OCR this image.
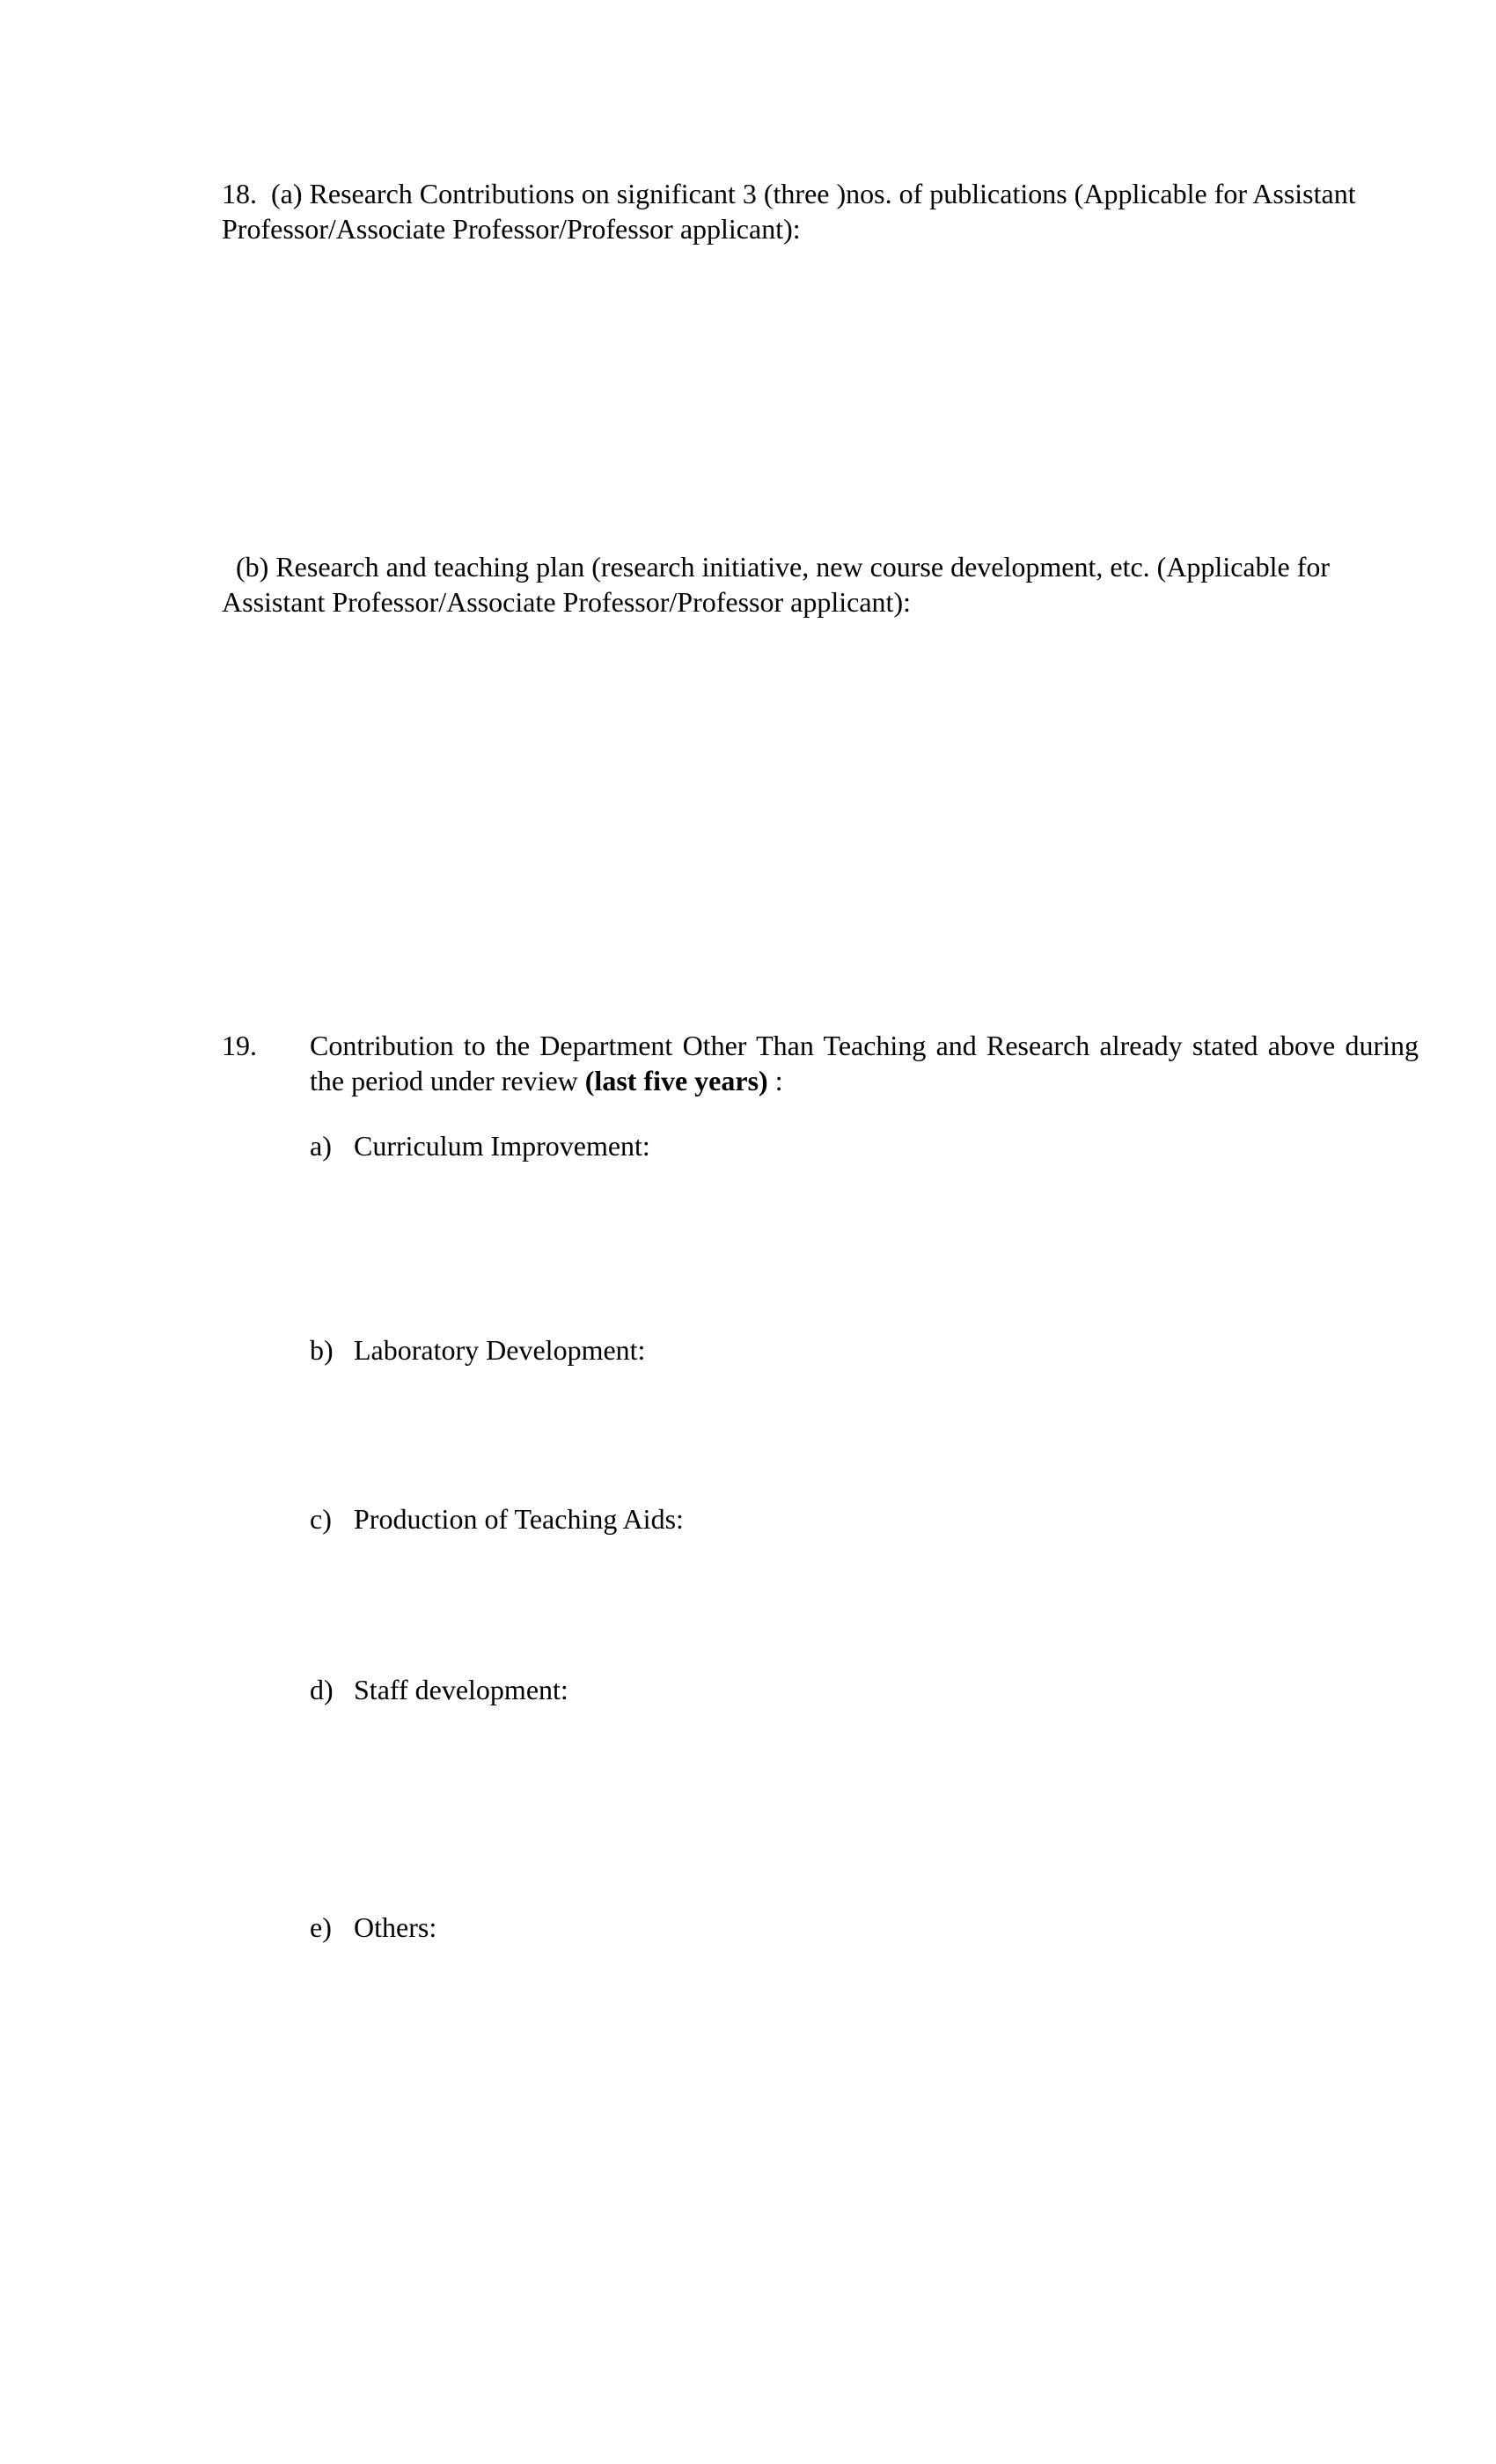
18. (a) Research Contributions on significant 3 (three )nos. of publications (Applicable for Assistant Professor/Associate Professor/Professor applicant):
(b) Research and teaching plan (research initiative, new course development, etc. (Applicable for Assistant Professor/Associate Professor/Professor applicant):
19. Contribution to the Department Other Than Teaching and Research already stated above during the period under review (last five years) :
a) Curriculum Improvement:
b) Laboratory Development:
c) Production of Teaching Aids:
d) Staff development:
e) Others:
